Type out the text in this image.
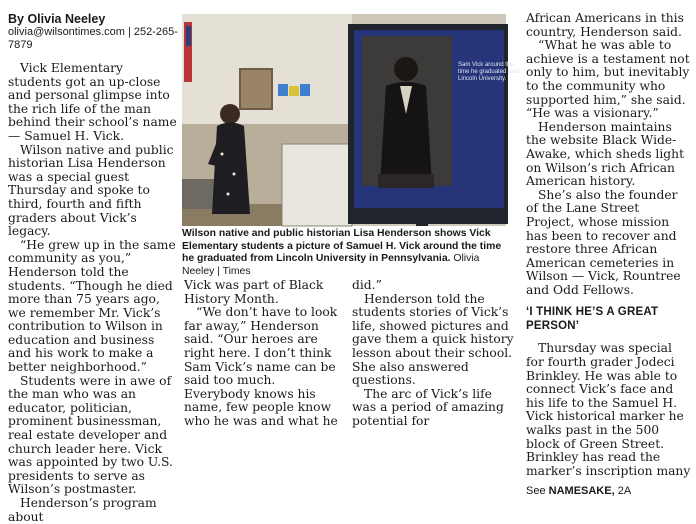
By Olivia Neeley

olivia@wilsontimes.com | 252-265-7879

Vick Elementary students got an up-close and personal glimpse into the rich life of the man behind their school’s name — Samuel H. Vick.

Wilson native and public historian Lisa Henderson was a special guest Thursday and spoke to third, fourth and fifth graders about Vick’s legacy.

“He grew up in the same community as you,” Henderson told the students. “Though he died more than 75 years ago, we remember Mr. Vick’s contribution to Wilson in education and business and his work to make a better neighborhood.”

Students were in awe of the man who was an educator, politician, prominent businessman, real estate developer and church leader here. Vick was appointed by two U.S. presidents to serve as Wilson’s postmaster.

Henderson’s program about

Sam Vick around the time he graduated from Lincoln University.
Wilson native and public historian Lisa Henderson shows Vick Elementary students a picture of Samuel H. Vick around the time he graduated from Lincoln University in Pennsylvania. Olivia Neeley | Times

Vick was part of Black History Month.

“We don’t have to look far away,” Henderson said. “Our heroes are right here. I don’t think Sam Vick’s name can be said too much. Everybody knows his name, few people know who he was and what he

did.”

Henderson told the students stories of Vick’s life, showed pictures and gave them a quick history lesson about their school. She also answered questions.

The arc of Vick’s life was a period of amazing potential for

African Americans in this country, Henderson said.

“What he was able to achieve is a testament not only to him, but inevitably to the community who supported him,” she said. “He was a visionary.”

Henderson maintains the website Black Wide-Awake, which sheds light on Wilson’s rich African American history.

She’s also the founder of the Lane Street Project, whose mission has been to recover and restore three African American cemeteries in Wilson — Vick, Rountree and Odd Fellows.

‘I THINK HE’S A GREAT PERSON’

Thursday was special for fourth grader Jodeci Brinkley. He was able to connect Vick’s face and his life to the Samuel H. Vick historical marker he walks past in the 500 block of Green Street. Brinkley has read the marker’s inscription many

See NAMESAKE, 2A
